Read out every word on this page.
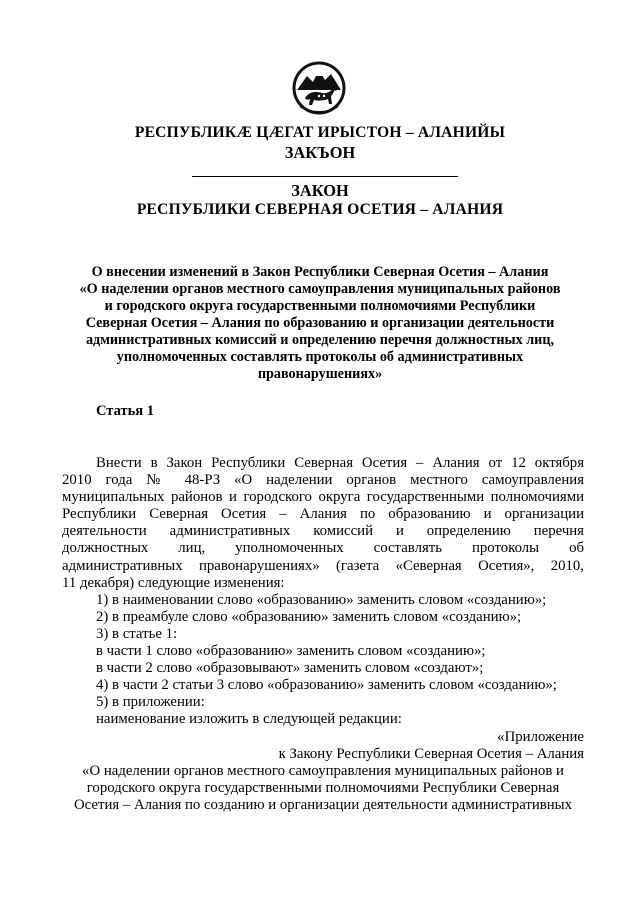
РЕСПУБЛИКÆ ЦÆГАТ ИРЫСТОН – АЛАНИЙЫ
ЗАКЪОН
ЗАКОН
РЕСПУБЛИКИ СЕВЕРНАЯ ОСЕТИЯ – АЛАНИЯ
О внесении изменений в Закон Республики Северная Осетия – Алания
«О наделении органов местного самоуправления муниципальных районов
и городского округа государственными полномочиями Республики
Северная Осетия – Алания по образованию и организации деятельности
административных комиссий и определению перечня должностных лиц,
уполномоченных составлять протоколы об административных
правонарушениях»
Статья 1
Внести в Закон Республики Северная Осетия – Алания от 12 октября
2010 года № 48-РЗ «О наделении органов местного самоуправления
муниципальных районов и городского округа государственными полномочиями
Республики Северная Осетия – Алания по образованию и организации
деятельности административных комиссий и определению перечня
должностных лиц, уполномоченных составлять протоколы об
административных правонарушениях» (газета «Северная Осетия», 2010,
11 декабря) следующие изменения:
1) в наименовании слово «образованию» заменить словом «созданию»;
2) в преамбуле слово «образованию» заменить словом «созданию»;
3) в статье 1:
в части 1 слово «образованию» заменить словом «созданию»;
в части 2 слово «образовывают» заменить словом «создают»;
4) в части 2 статьи 3 слово «образованию» заменить словом «созданию»;
5) в приложении:
наименование изложить в следующей редакции:
«Приложение
к Закону Республики Северная Осетия – Алания
«О наделении органов местного самоуправления муниципальных районов и
городского округа государственными полномочиями Республики Северная
Осетия – Алания по созданию и организации деятельности административных
